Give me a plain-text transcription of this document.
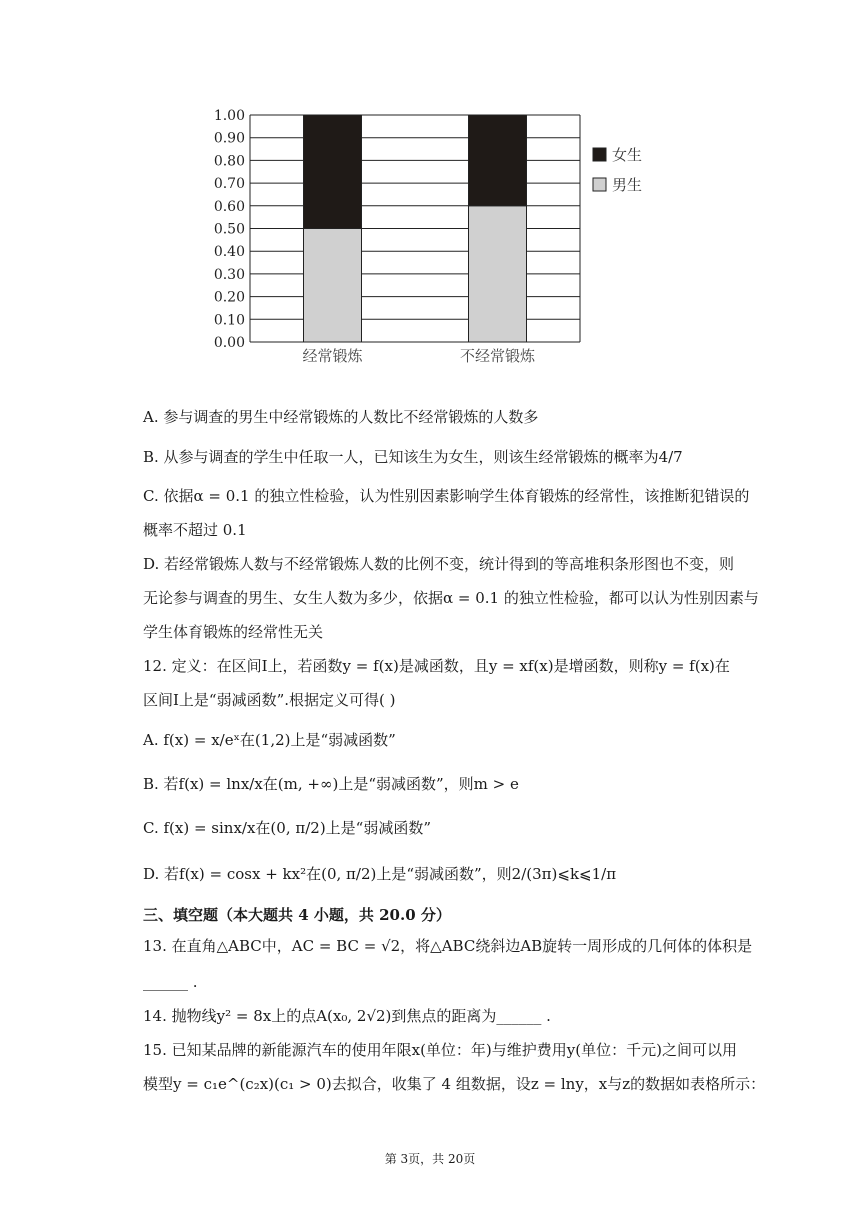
0.00
0.10
0.20
0.30
0.40
0.50
0.60
0.70
0.80
0.90
1.00
经常锻炼	不经常锻炼
女生
男生
A. 参与调查的男生中经常锻炼的人数比不经常锻炼的人数多
B. 从参与调查的学生中任取一人，已知该生为女生，则该生经常锻炼的概率为4/7
C. 依据α = 0.1 的独立性检验，认为性别因素影响学生体育锻炼的经常性，该推断犯错误的
概率不超过 0.1
D. 若经常锻炼人数与不经常锻炼人数的比例不变，统计得到的等高堆积条形图也不变，则
无论参与调查的男生、女生人数为多少，依据α = 0.1 的独立性检验，都可以认为性别因素与
学生体育锻炼的经常性无关
12. 定义：在区间I上，若函数y = f(x)是减函数，且y = xf(x)是增函数，则称y = f(x)在
区间I上是“弱减函数”.根据定义可得( )
A. f(x) = x/eˣ在(1,2)上是“弱减函数”
B. 若f(x) = lnx/x在(m, +∞)上是“弱减函数”，则m > e
C. f(x) = sinx/x在(0, π/2)上是“弱减函数”
D. 若f(x) = cosx + kx²在(0, π/2)上是“弱减函数”，则2/(3π)⩽k⩽1/π
三、填空题（本大题共 4 小题，共 20.0 分）
13. 在直角△ABC中，AC = BC = √2，将△ABC绕斜边AB旋转一周形成的几何体的体积是
______ .
14. 抛物线y² = 8x上的点A(x₀, 2√2)到焦点的距离为______ .
15. 已知某品牌的新能源汽车的使用年限x(单位：年)与维护费用y(单位：千元)之间可以用
模型y = c₁e^(c₂x)(c₁ > 0)去拟合，收集了 4 组数据，设z = lny，x与z的数据如表格所示：
第 3页，共 20页
